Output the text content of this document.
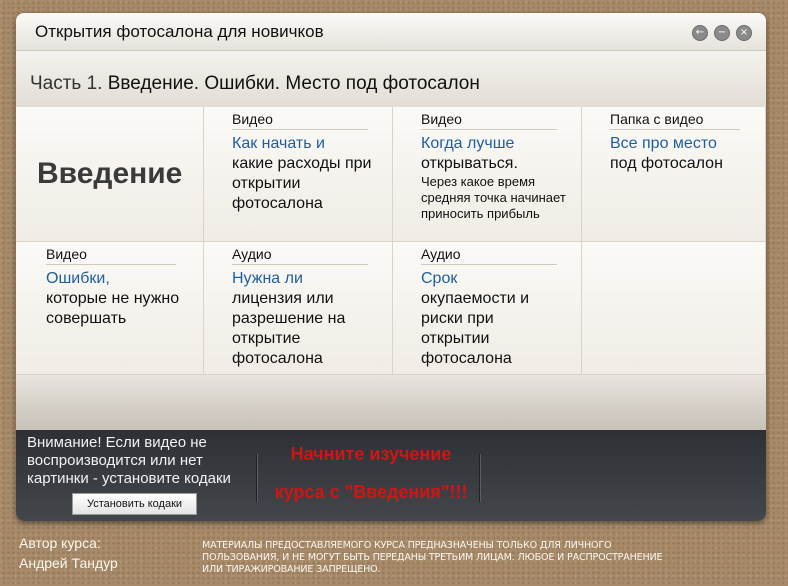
Открытия фотосалона для новичков	←	−	×
Часть 1. Введение. Ошибки. Место под фотосалон
Введение
Видео
Как начать и
какие расходы при открытии фотосалона
Видео
Когда лучше
открываться.
Через какое время средняя точка начинает приносить прибыль
Папка с видео
Все про место
под фотосалон
Видео
Ошибки,
которые не нужно совершать
Аудио
Нужна ли
лицензия или разрешение на открытие фотосалона
Аудио
Срок
окупаемости и риски при открытии фотосалона
Внимание! Если видео не воспроизводится или нет картинки - установите кодаки
Установить кодаки
Начните изучение
курса с "Введения"!!!
Автор курса:
Андрей Тандур
МАТЕРИАЛЫ ПРЕДОСТАВЛЯЕМОГО КУРСА ПРЕДНАЗНАЧЕНЫ ТОЛЬКО ДЛЯ ЛИЧНОГО ПОЛЬЗОВАНИЯ, И НЕ МОГУТ БЫТЬ ПЕРЕДАНЫ ТРЕТЬИМ ЛИЦАМ. ЛЮБОЕ И РАСПРОСТРАНЕНИЕ ИЛИ ТИРАЖИРОВАНИЕ ЗАПРЕЩЕНО.
